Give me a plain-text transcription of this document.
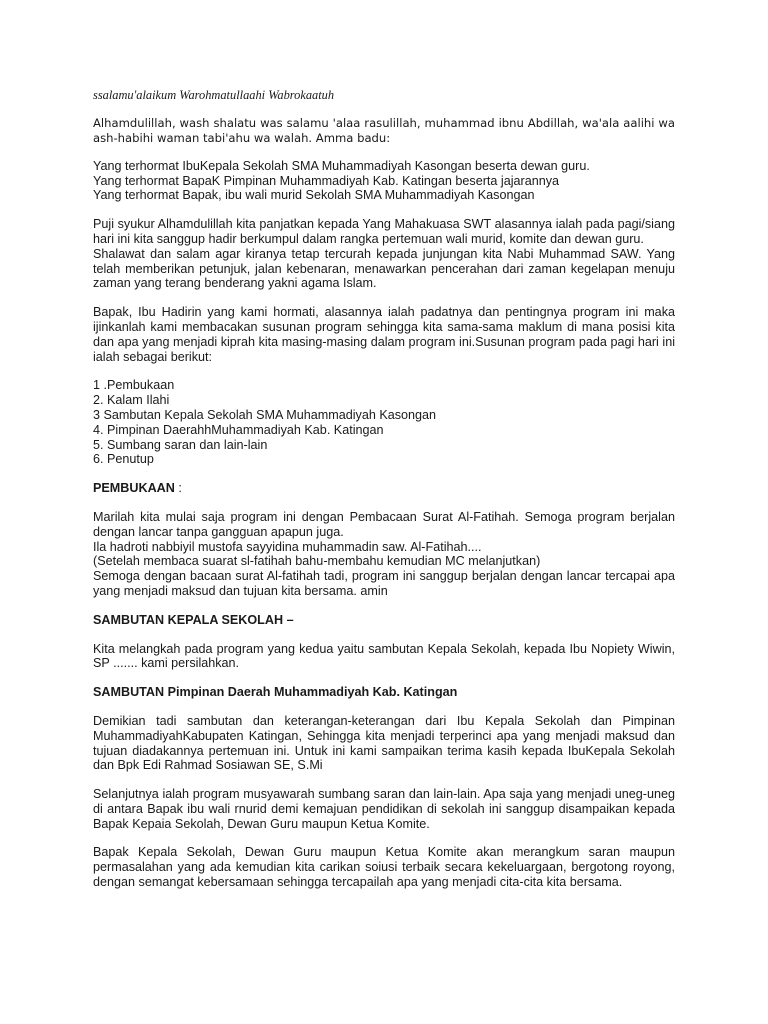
ssalamu'alaikum Warohmatullaahi Wabrokaatuh
Alhamdulillah, wash shalatu was salamu 'alaa rasulillah, muhammad ibnu Abdillah, wa'ala aalihi wa ash-habihi waman tabi'ahu wa walah. Amma badu:

Yang terhormat IbuKepala Sekolah SMA Muhammadiyah Kasongan beserta dewan guru.
Yang terhormat BapaK Pimpinan Muhammadiyah Kab. Katingan beserta jajarannya
Yang terhormat Bapak, ibu wali murid Sekolah SMA Muhammadiyah Kasongan

Puji syukur Alhamdulillah kita panjatkan kepada Yang Mahakuasa SWT alasannya ialah pada pagi/siang hari ini kita sanggup hadir berkumpul dalam rangka pertemuan wali murid, komite dan dewan guru.
Shalawat dan salam agar kiranya tetap tercurah kepada junjungan kita Nabi Muhammad SAW. Yang telah memberikan petunjuk, jalan kebenaran, menawarkan pencerahan dari zaman kegelapan menuju zaman yang terang benderang yakni agama Islam.

Bapak, Ibu Hadirin yang kami hormati, alasannya ialah padatnya dan pentingnya program ini maka ijinkanlah kami membacakan susunan program sehingga kita sama-sama maklum di mana posisi kita dan apa yang menjadi kiprah kita masing-masing dalam program ini.Susunan program pada pagi hari ini ialah sebagai berikut:

1 .Pembukaan
2. Kalam Ilahi
3 Sambutan Kepala Sekolah SMA Muhammadiyah Kasongan
4. Pimpinan DaerahhMuhammadiyah Kab. Katingan
5. Sumbang saran dan lain-lain
6. Penutup
PEMBUKAAN :

Marilah kita mulai saja program ini dengan Pembacaan Surat Al-Fatihah. Semoga program berjalan dengan lancar tanpa gangguan apapun juga.
Ila hadroti nabbiyil mustofa sayyidina muhammadin saw. Al-Fatihah....
(Setelah membaca suarat sl-fatihah bahu-membahu kemudian MC melanjutkan)
Semoga dengan bacaan surat Al-fatihah tadi, program ini sanggup berjalan dengan lancar tercapai apa yang menjadi maksud dan tujuan kita bersama. amin

SAMBUTAN KEPALA SEKOLAH –

Kita melangkah pada program yang kedua yaitu sambutan Kepala Sekolah, kepada Ibu Nopiety Wiwin, SP ....... kami persilahkan.

SAMBUTAN Pimpinan Daerah Muhammadiyah Kab. Katingan

Demikian tadi sambutan dan keterangan-keterangan dari Ibu Kepala Sekolah dan Pimpinan MuhammadiyahKabupaten Katingan, Sehingga kita menjadi terperinci apa yang menjadi maksud dan tujuan diadakannya pertemuan ini. Untuk ini kami sampaikan terima kasih kepada IbuKepala Sekolah dan Bpk Edi Rahmad Sosiawan SE, S.Mi

Selanjutnya ialah program musyawarah sumbang saran dan lain-lain. Apa saja yang menjadi uneg-uneg di antara Bapak ibu wali rnurid demi kemajuan pendidikan di sekolah ini sanggup disampaikan kepada Bapak Kepaia Sekolah, Dewan Guru maupun Ketua Komite.

Bapak Kepala Sekolah, Dewan Guru maupun Ketua Komite akan merangkum saran maupun permasalahan yang ada kemudian kita carikan soiusi terbaik secara kekeluargaan, bergotong royong, dengan semangat kebersamaan sehingga tercapailah apa yang menjadi cita-cita kita bersama.
